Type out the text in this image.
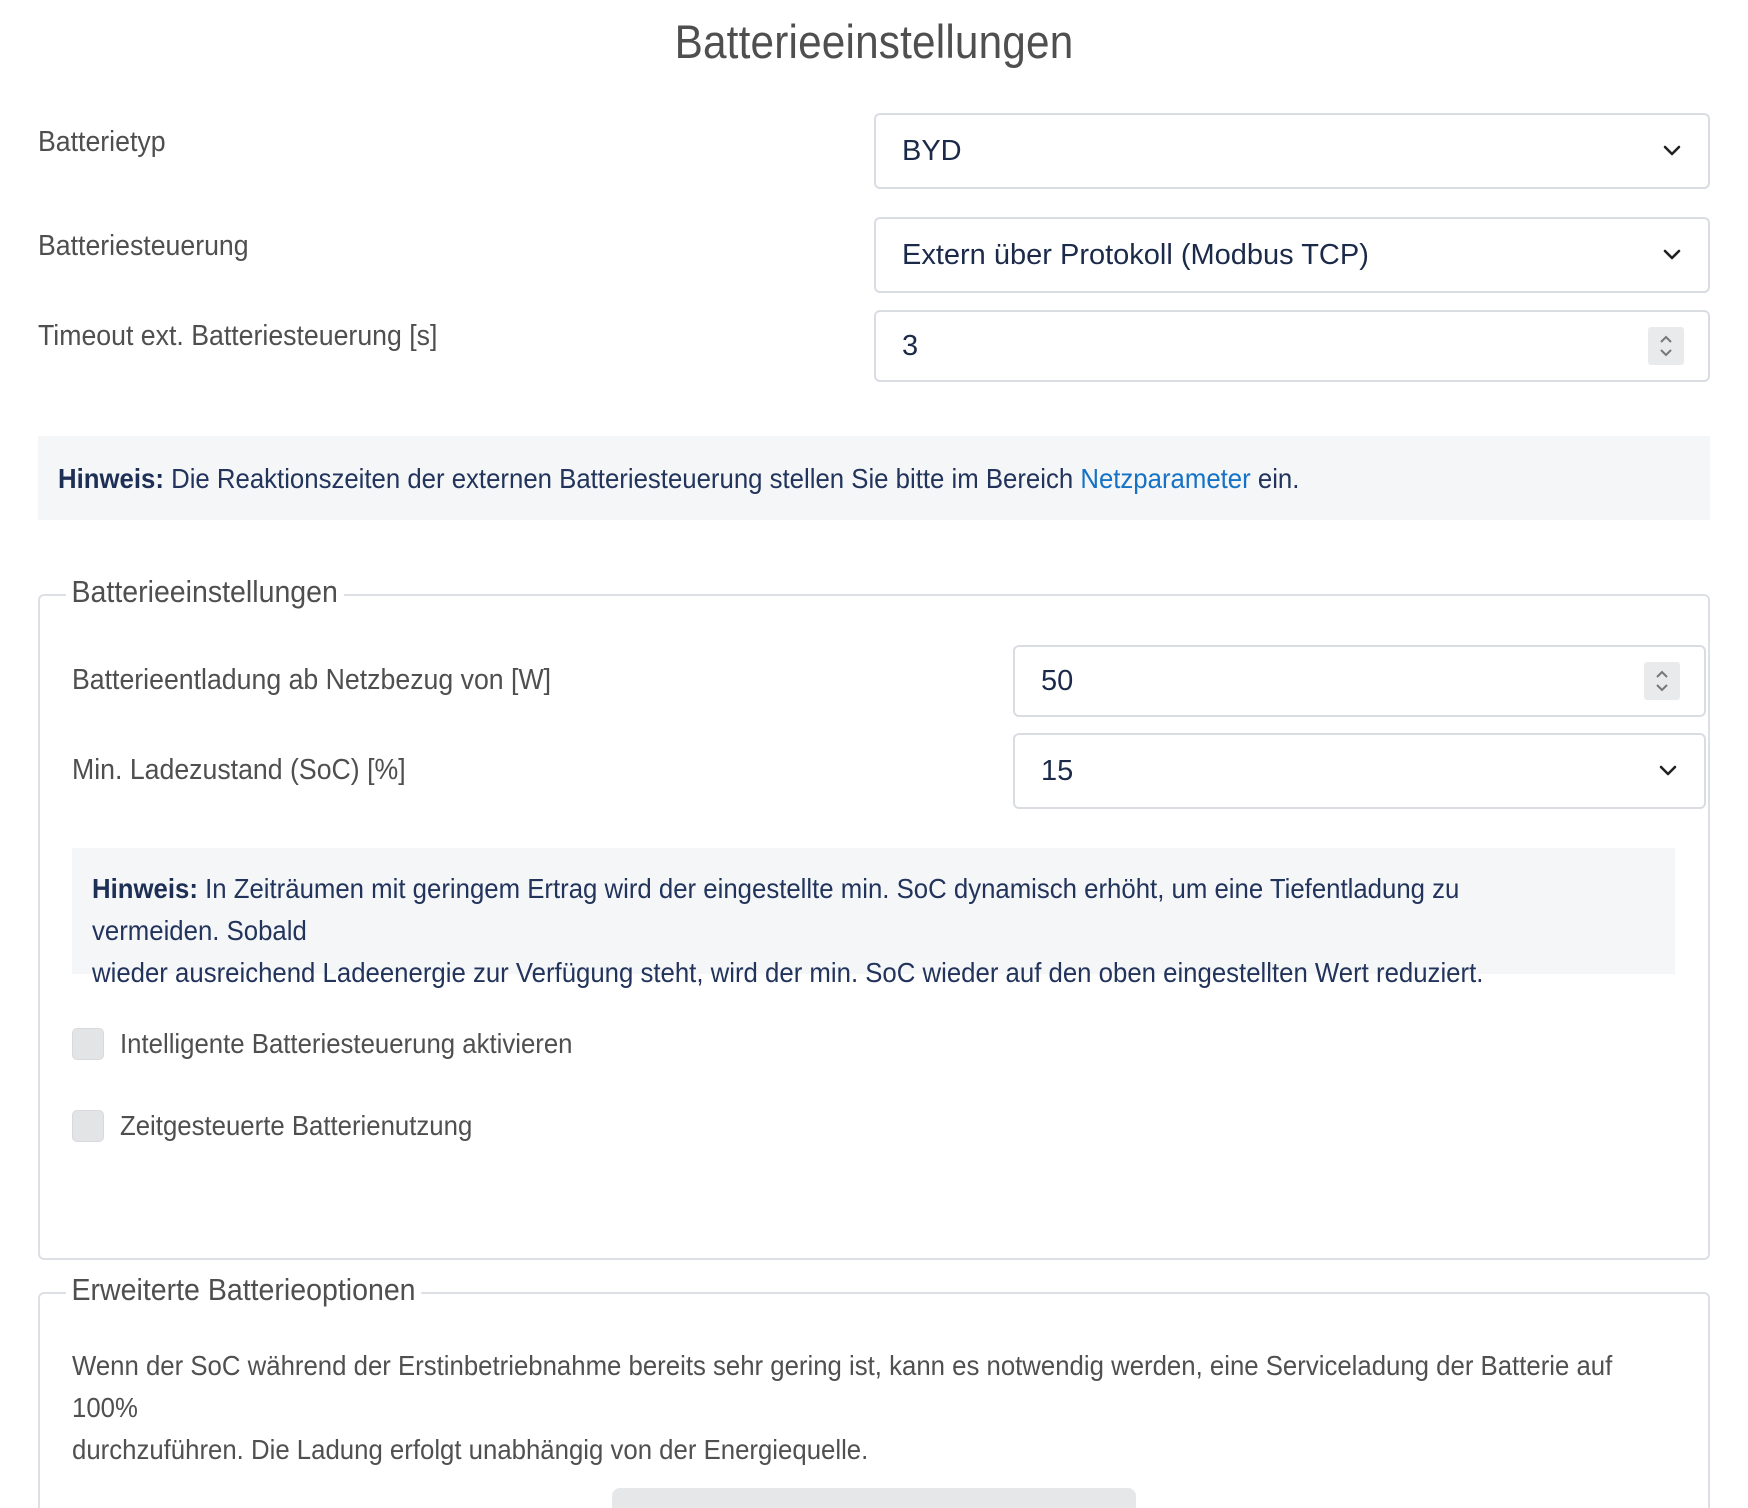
Batterieeinstellungen
Batterietyp	BYD
Batteriesteuerung	Extern über Protokoll (Modbus TCP)
Timeout ext. Batteriesteuerung [s]	3
Hinweis: Die Reaktionszeiten der externen Batteriesteuerung stellen Sie bitte im Bereich Netzparameter ein.
Batterieeinstellungen
Batterieentladung ab Netzbezug von [W]	50
Min. Ladezustand (SoC) [%]	15
Hinweis: In Zeiträumen mit geringem Ertrag wird der eingestellte min. SoC dynamisch erhöht, um eine Tiefentladung zu vermeiden. Sobald
wieder ausreichend Ladeenergie zur Verfügung steht, wird der min. SoC wieder auf den oben eingestellten Wert reduziert.
Intelligente Batteriesteuerung aktivieren
Zeitgesteuerte Batterienutzung
Erweiterte Batterieoptionen
Wenn der SoC während der Erstinbetriebnahme bereits sehr gering ist, kann es notwendig werden, eine Serviceladung der Batterie auf 100%
durchzuführen. Die Ladung erfolgt unabhängig von der Energiequelle.
